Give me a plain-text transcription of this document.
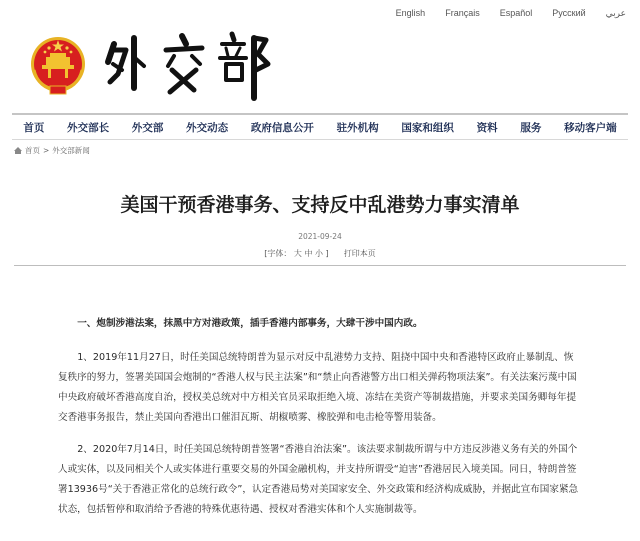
English Français Español Русский عربي
首页 外交部长 外交部 外交动态 政府信息公开 驻外机构 国家和组织 资料 服务 移动客户端
首页 > 外交部新闻
美国干预香港事务、支持反中乱港势力事实清单
2021-09-24
[字体： 大 中 小 ] 打印本页

一、炮制涉港法案，抹黑中方对港政策，插手香港内部事务，大肆干涉中国内政。

1、2019年11月27日，时任美国总统特朗普为显示对反中乱港势力支持、阻挠中国中央和香港特区政府止暴制乱、恢复秩序的努力，签署美国国会炮制的“香港人权与民主法案”和“禁止向香港警方出口相关弹药物项法案”。有关法案污蔑中国中央政府破坏香港高度自治，授权美总统对中方相关官员采取拒绝入境、冻结在美资产等制裁措施，并要求美国务卿每年提交香港事务报告，禁止美国向香港出口催泪瓦斯、胡椒喷雾、橡胶弹和电击枪等警用装备。

2、2020年7月14日，时任美国总统特朗普签署“香港自治法案”。该法要求制裁所谓与中方违反涉港义务有关的外国个人或实体，以及同相关个人或实体进行重要交易的外国金融机构，并支持所谓受“迫害”香港居民入境美国。同日，特朗普签署13936号“关于香港正常化的总统行政令”，认定香港局势对美国家安全、外交政策和经济构成威胁，并据此宣布国家紧急状态，包括暂停和取消给予香港的特殊优惠待遇、授权对香港实体和个人实施制裁等。
